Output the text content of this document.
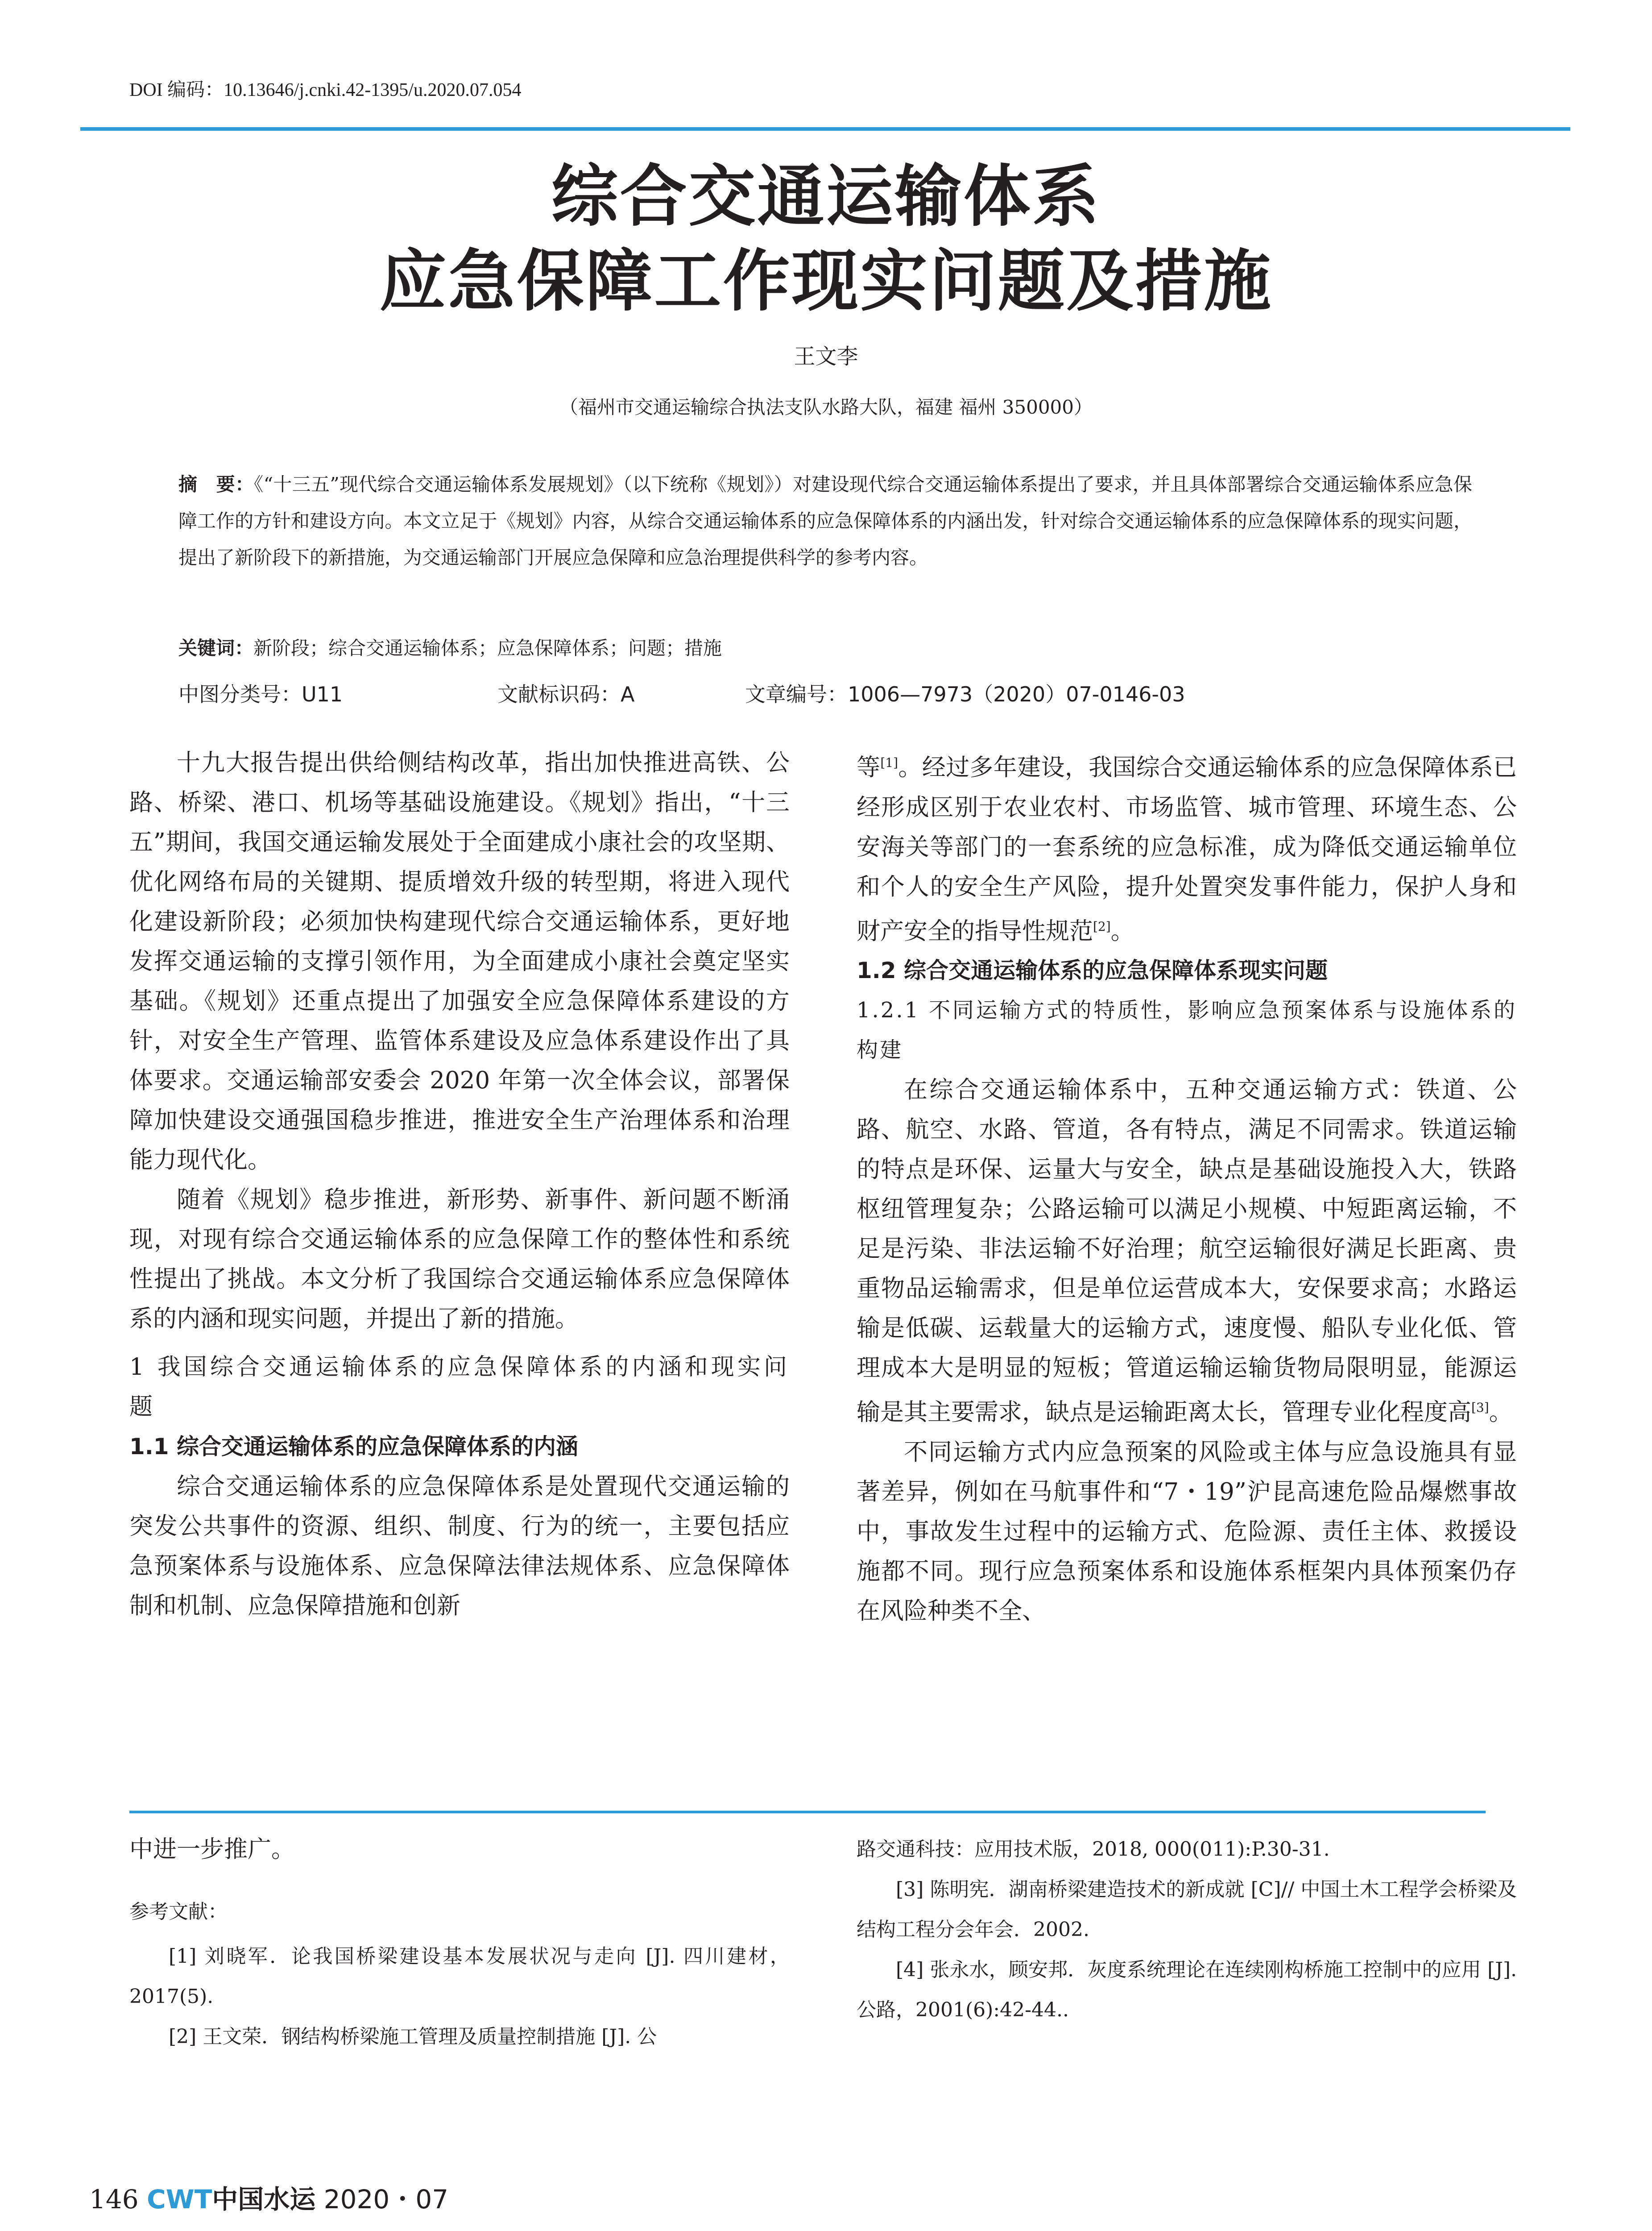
DOI 编码：10.13646/j.cnki.42-1395/u.2020.07.054
综合交通运输体系
应急保障工作现实问题及措施
王文李
（福州市交通运输综合执法支队水路大队，福建 福州 350000）
摘　要：《“十三五”现代综合交通运输体系发展规划》（以下统称《规划》）对建设现代综合交通运输体系提出了要求，并且具体部署综合交通运输体系应急保障工作的方针和建设方向。本文立足于《规划》内容，从综合交通运输体系的应急保障体系的内涵出发，针对综合交通运输体系的应急保障体系的现实问题，提出了新阶段下的新措施，为交通运输部门开展应急保障和应急治理提供科学的参考内容。
关键词：新阶段；综合交通运输体系；应急保障体系；问题；措施
中图分类号：U11	文献标识码：A	文章编号：1006—7973（2020）07-0146-03

十九大报告提出供给侧结构改革，指出加快推进高铁、公路、桥梁、港口、机场等基础设施建设。《规划》指出，“十三五”期间，我国交通运输发展处于全面建成小康社会的攻坚期、优化网络布局的关键期、提质增效升级的转型期，将进入现代化建设新阶段；必须加快构建现代综合交通运输体系，更好地发挥交通运输的支撑引领作用，为全面建成小康社会奠定坚实基础。《规划》还重点提出了加强安全应急保障体系建设的方针，对安全生产管理、监管体系建设及应急体系建设作出了具体要求。交通运输部安委会 2020 年第一次全体会议，部署保障加快建设交通强国稳步推进，推进安全生产治理体系和治理能力现代化。

随着《规划》稳步推进，新形势、新事件、新问题不断涌现，对现有综合交通运输体系的应急保障工作的整体性和系统性提出了挑战。本文分析了我国综合交通运输体系应急保障体系的内涵和现实问题，并提出了新的措施。

1 我国综合交通运输体系的应急保障体系的内涵和现实问题

1.1 综合交通运输体系的应急保障体系的内涵

综合交通运输体系的应急保障体系是处置现代交通运输的突发公共事件的资源、组织、制度、行为的统一，主要包括应急预案体系与设施体系、应急保障法律法规体系、应急保障体制和机制、应急保障措施和创新

等[1]。经过多年建设，我国综合交通运输体系的应急保障体系已经形成区别于农业农村、市场监管、城市管理、环境生态、公安海关等部门的一套系统的应急标准，成为降低交通运输单位和个人的安全生产风险，提升处置突发事件能力，保护人身和财产安全的指导性规范[2]。

1.2 综合交通运输体系的应急保障体系现实问题

1.2.1 不同运输方式的特质性，影响应急预案体系与设施体系的构建

在综合交通运输体系中，五种交通运输方式：铁道、公路、航空、水路、管道，各有特点，满足不同需求。铁道运输的特点是环保、运量大与安全，缺点是基础设施投入大，铁路枢纽管理复杂；公路运输可以满足小规模、中短距离运输，不足是污染、非法运输不好治理；航空运输很好满足长距离、贵重物品运输需求，但是单位运营成本大，安保要求高；水路运输是低碳、运载量大的运输方式，速度慢、船队专业化低、管理成本大是明显的短板；管道运输运输货物局限明显，能源运输是其主要需求，缺点是运输距离太长，管理专业化程度高[3]。

不同运输方式内应急预案的风险或主体与应急设施具有显著差异，例如在马航事件和“7・19”沪昆高速危险品爆燃事故中，事故发生过程中的运输方式、危险源、责任主体、救援设施都不同。现行应急预案体系和设施体系框架内具体预案仍存在风险种类不全、

中进一步推广。

参考文献：

[1] 刘晓军．论我国桥梁建设基本发展状况与走向 [J]. 四川建材，2017(5).

[2] 王文荣．钢结构桥梁施工管理及质量控制措施 [J]. 公

路交通科技：应用技术版，2018, 000(011):P.30-31.

[3] 陈明宪．湖南桥梁建造技术的新成就 [C]// 中国土木工程学会桥梁及结构工程分会年会．2002.

[4] 张永水，顾安邦．灰度系统理论在连续刚构桥施工控制中的应用 [J]. 公路，2001(6):42-44..

146 CWT中国水运 2020・07
